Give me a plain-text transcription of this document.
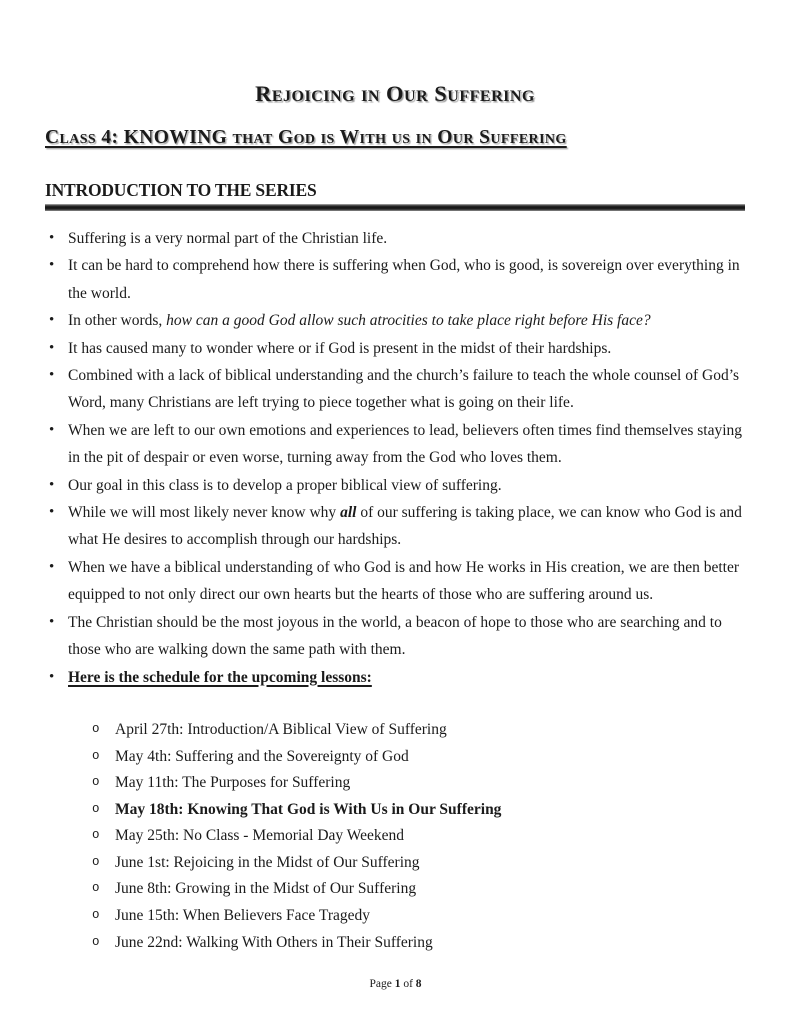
Rejoicing in Our Suffering
Class 4: KNOWING that God is With us in Our Suffering
INTRODUCTION TO THE SERIES
• Suffering is a very normal part of the Christian life.
• It can be hard to comprehend how there is suffering when God, who is good, is sovereign over everything in the world.
• In other words, how can a good God allow such atrocities to take place right before His face?
• It has caused many to wonder where or if God is present in the midst of their hardships.
• Combined with a lack of biblical understanding and the church’s failure to teach the whole counsel of God’s Word, many Christians are left trying to piece together what is going on their life.
• When we are left to our own emotions and experiences to lead, believers often times find themselves staying in the pit of despair or even worse, turning away from the God who loves them.
• Our goal in this class is to develop a proper biblical view of suffering.
• While we will most likely never know why all of our suffering is taking place, we can know who God is and what He desires to accomplish through our hardships.
• When we have a biblical understanding of who God is and how He works in His creation, we are then better equipped to not only direct our own hearts but the hearts of those who are suffering around us.
• The Christian should be the most joyous in the world, a beacon of hope to those who are searching and to those who are walking down the same path with them.
• Here is the schedule for the upcoming lessons:
o April 27th: Introduction/A Biblical View of Suffering
o May 4th: Suffering and the Sovereignty of God
o May 11th: The Purposes for Suffering
o May 18th: Knowing That God is With Us in Our Suffering
o May 25th: No Class - Memorial Day Weekend
o June 1st: Rejoicing in the Midst of Our Suffering
o June 8th: Growing in the Midst of Our Suffering
o June 15th: When Believers Face Tragedy
o June 22nd: Walking With Others in Their Suffering
Page 1 of 8
